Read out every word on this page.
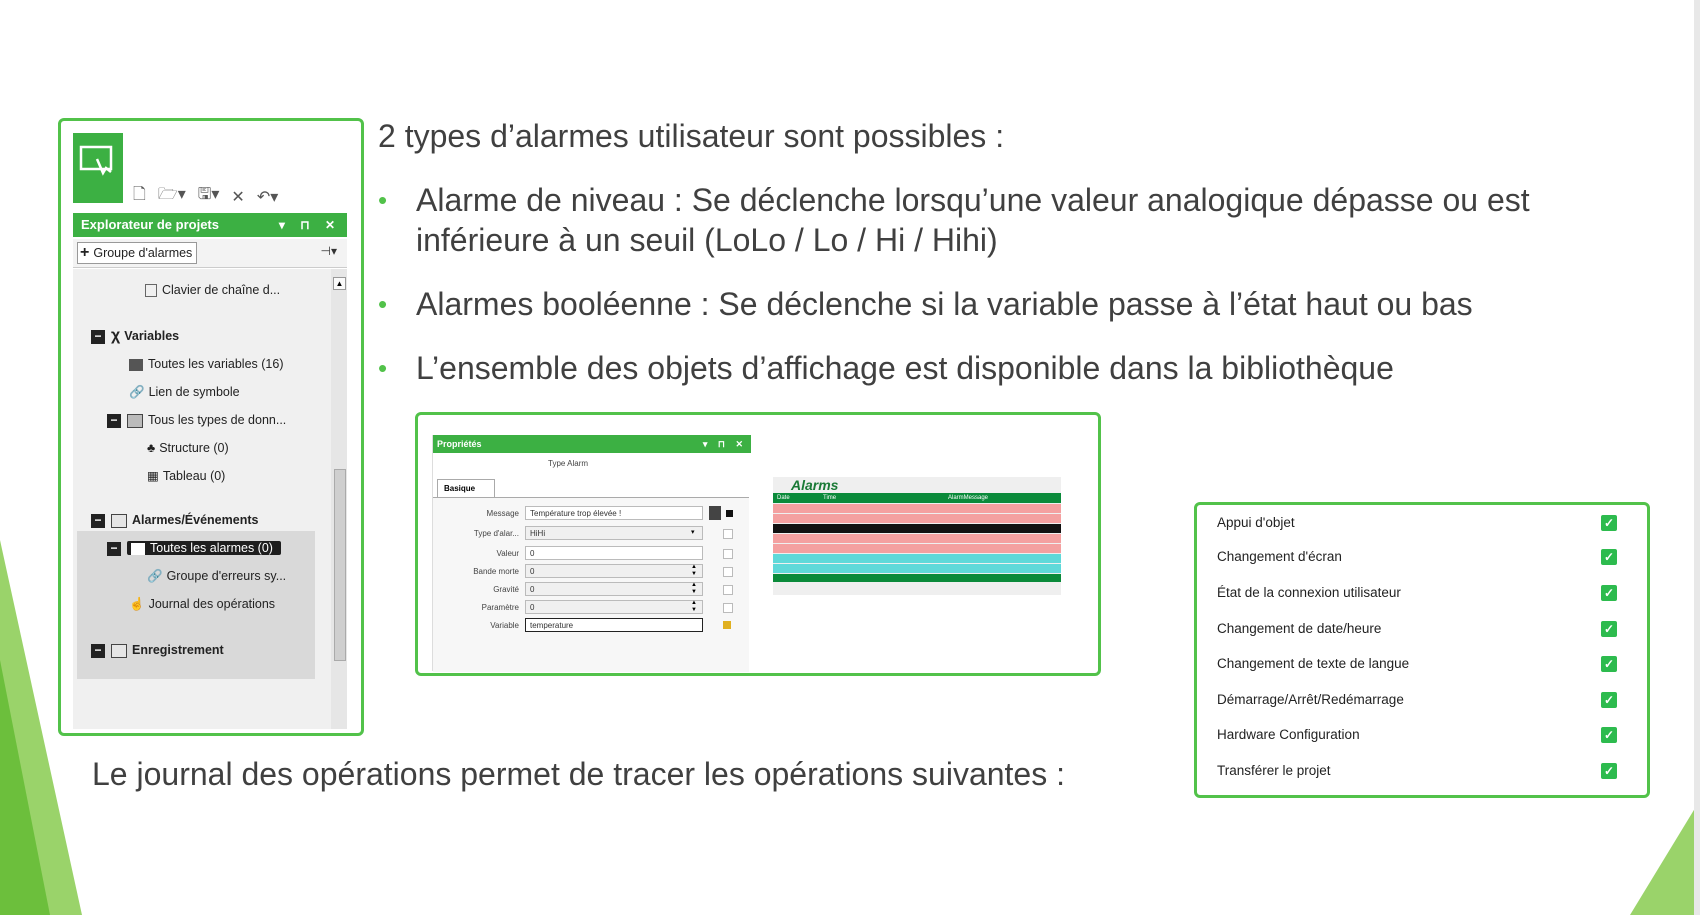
🗋 🗁▾ 🖫▾ ✕ ↶▾
Explorateur de projets	▾ ⊓ ✕
+ Groupe d'alarmes	⊣▾
Clavier de chaîne d...
− χ Variables
Toutes les variables (16)
🔗 Lien de symbole
− Tous les types de donn...
♣ Structure (0)
▦ Tableau (0)
− Alarmes/Événements
−	Toutes les alarmes (0)
🔗 Groupe d'erreurs sy...
☝ Journal des opérations
− Enregistrement
▲
2 types d’alarmes utilisateur sont possibles :
• Alarme de niveau : Se déclenche lorsqu’une valeur analogique dépasse ou est inférieure à un seuil (LoLo / Lo / Hi / Hihi)
• Alarmes booléenne : Se déclenche si la variable passe à l’état haut ou bas
• L’ensemble des objets d’affichage est disponible dans la bibliothèque
Propriétés	▾ ⊓ ✕
Type Alarm
Basique
Message	Température trop élevée !
Type d'alar...	HiHi	▾
Valeur	0
Bande morte	0	▲
▼
Gravité	0	▲
▼
Paramètre	0	▲
▼
Variable	temperature
Alarms
Date	Time	AlarmMessage
Appui d'objet	✓
Changement d'écran	✓
État de la connexion utilisateur	✓
Changement de date/heure	✓
Changement de texte de langue	✓
Démarrage/Arrêt/Redémarrage	✓
Hardware Configuration	✓
Transférer le projet	✓
Le journal des opérations permet de tracer les opérations suivantes :
